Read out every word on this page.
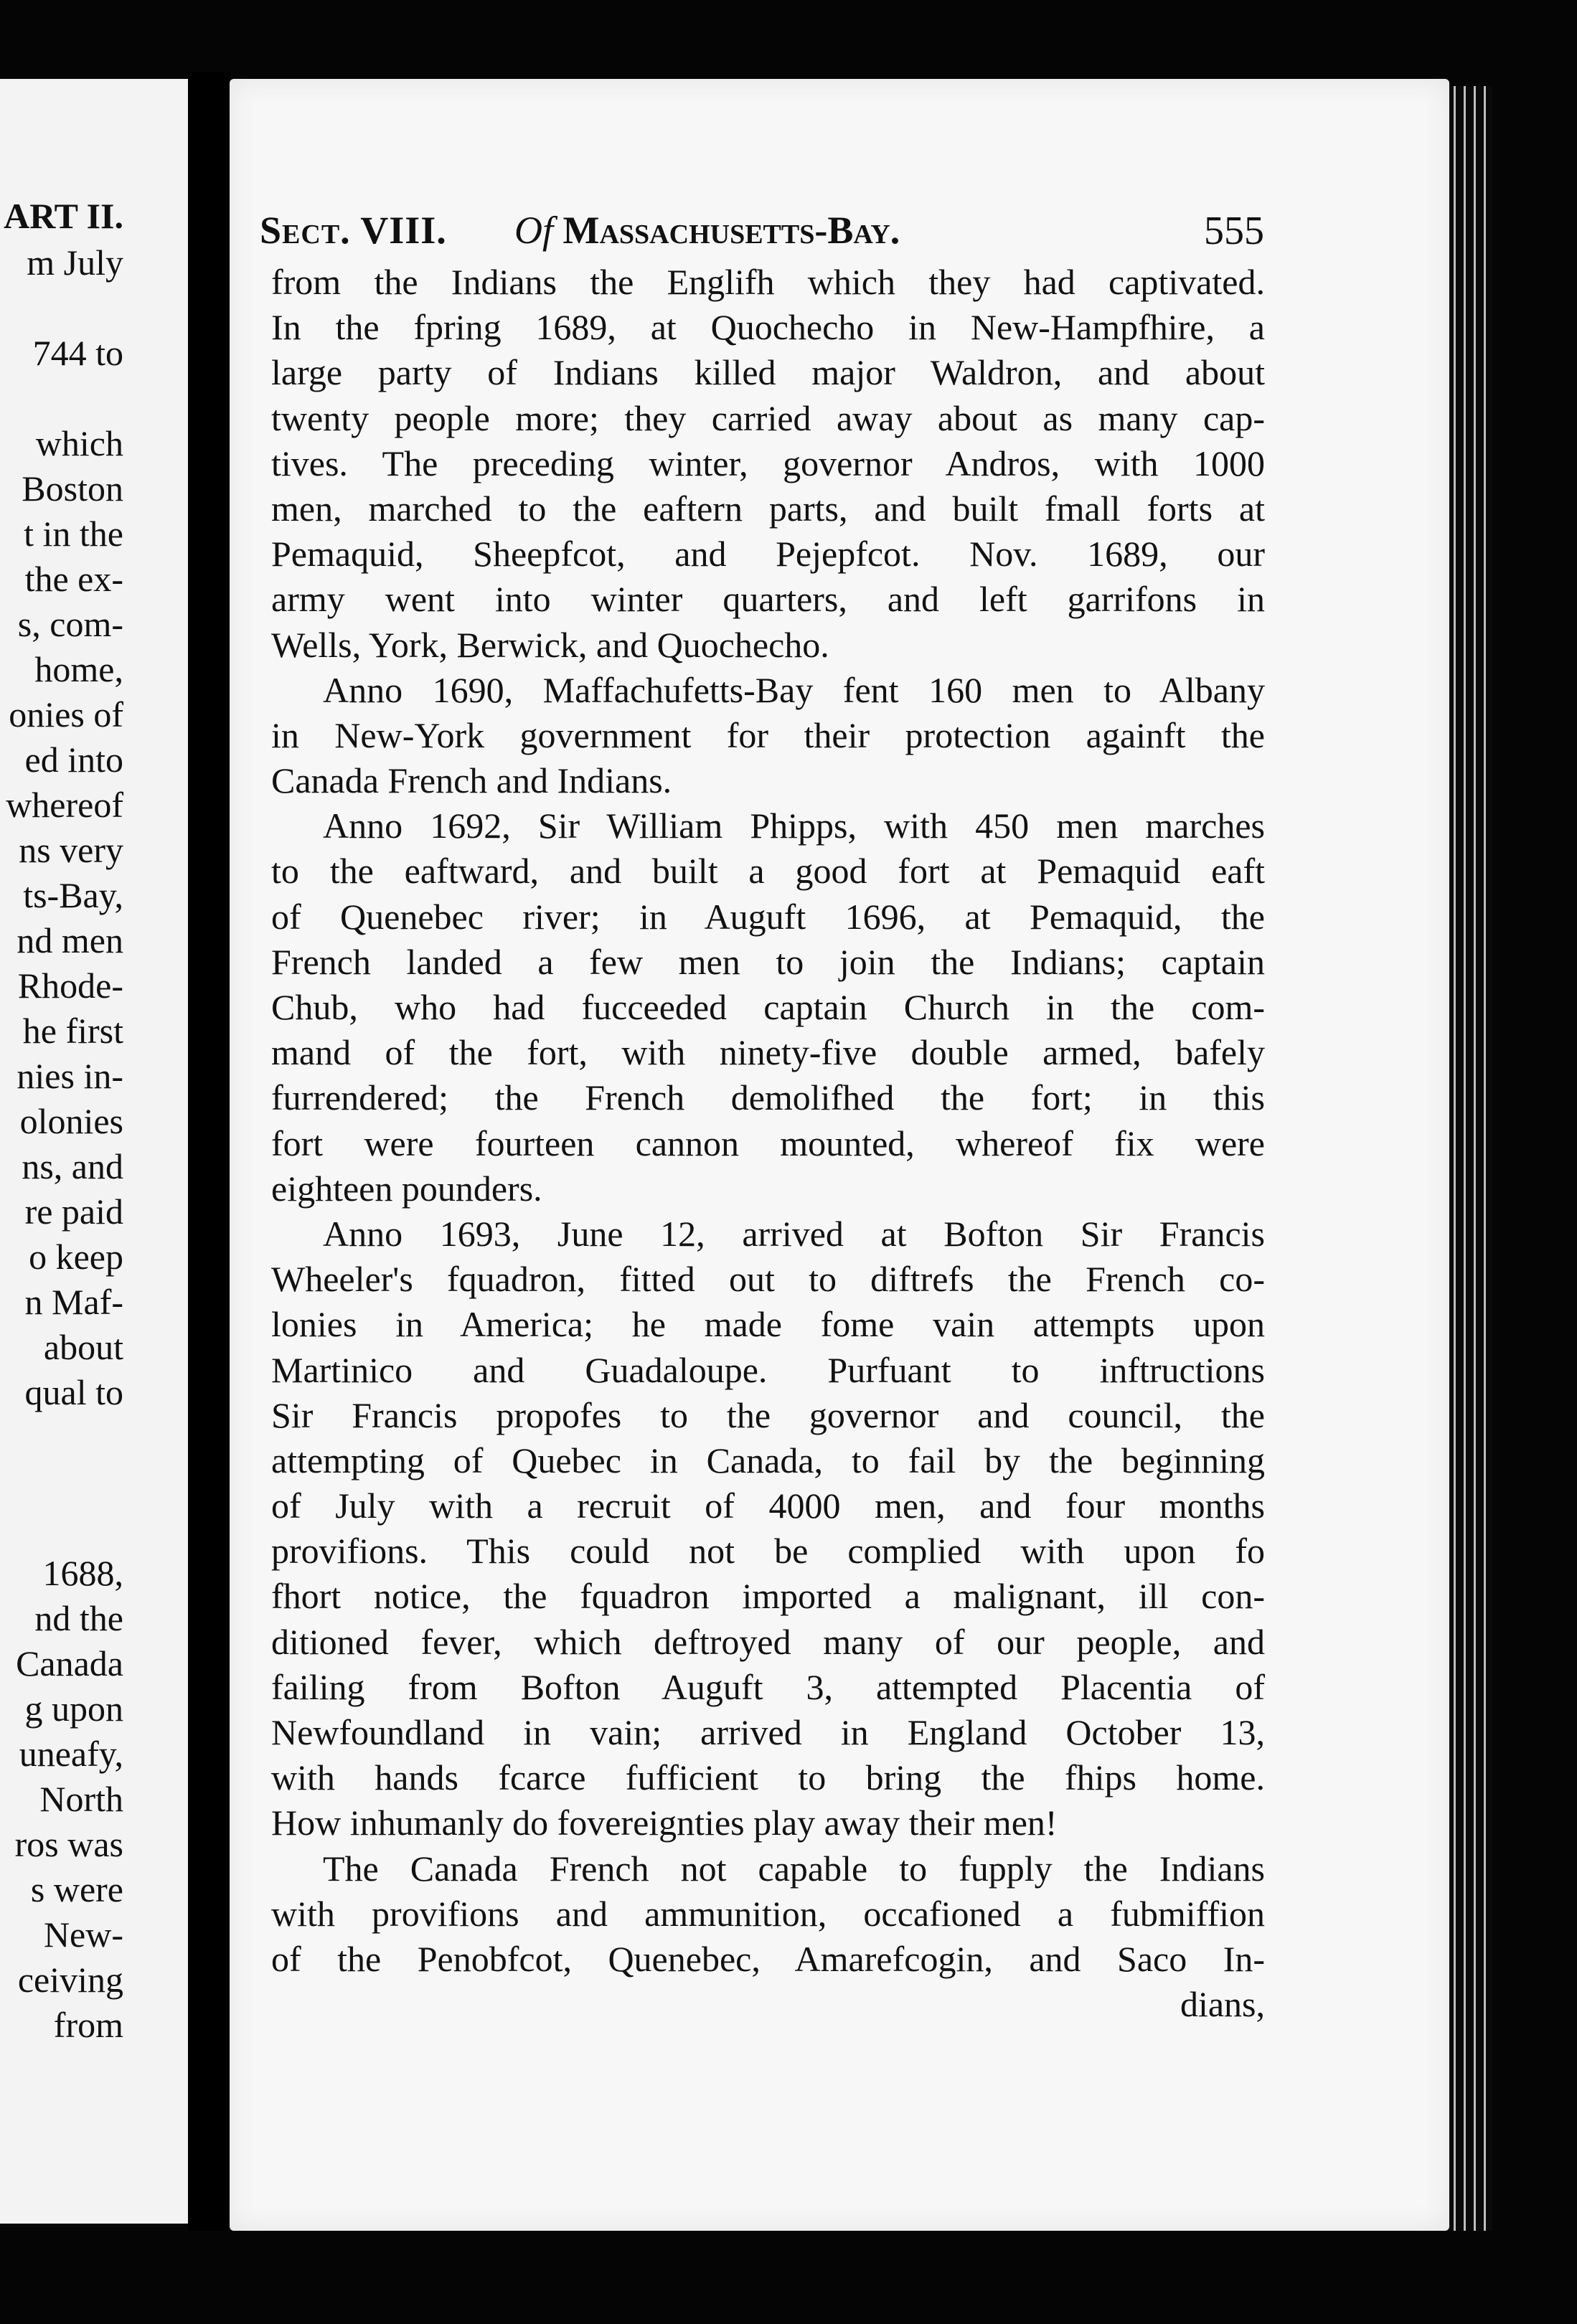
ART II.
m July
744 to
which
Boston
t in the
the ex-
s, com-
home,
onies of
ed into
whereof
ns very
ts-Bay,
nd men
Rhode-
he first
nies in-
olonies
ns, and
re paid
o keep
n Maf-
about
qual to
1688,
nd the
Canada
g upon
uneafy,
North
ros was
s were
New-
ceiving
from
Sect. VIII. Of Massachusetts-Bay.	555
from the Indians the Englifh which they had captivated.
In the fpring 1689, at Quochecho in New-Hampfhire, a
large party of Indians killed major Waldron, and about
twenty people more; they carried away about as many cap-
tives. The preceding winter, governor Andros, with 1000
men, marched to the eaftern parts, and built fmall forts at
Pemaquid, Sheepfcot, and Pejepfcot. Nov. 1689, our
army went into winter quarters, and left garrifons in
Wells, York, Berwick, and Quochecho.
Anno 1690, Maffachufetts-Bay fent 160 men to Albany
in New-York government for their protection againft the
Canada French and Indians.
Anno 1692, Sir William Phipps, with 450 men marches
to the eaftward, and built a good fort at Pemaquid eaft
of Quenebec river; in Auguft 1696, at Pemaquid, the
French landed a few men to join the Indians; captain
Chub, who had fucceeded captain Church in the com-
mand of the fort, with ninety-five double armed, bafely
furrendered; the French demolifhed the fort; in this
fort were fourteen cannon mounted, whereof fix were
eighteen pounders.
Anno 1693, June 12, arrived at Bofton Sir Francis
Wheeler's fquadron, fitted out to diftrefs the French co-
lonies in America; he made fome vain attempts upon
Martinico and Guadaloupe. Purfuant to inftructions
Sir Francis propofes to the governor and council, the
attempting of Quebec in Canada, to fail by the beginning
of July with a recruit of 4000 men, and four months
provifions. This could not be complied with upon fo
fhort notice, the fquadron imported a malignant, ill con-
ditioned fever, which deftroyed many of our people, and
failing from Bofton Auguft 3, attempted Placentia of
Newfoundland in vain; arrived in England October 13,
with hands fcarce fufficient to bring the fhips home.
How inhumanly do fovereignties play away their men!
The Canada French not capable to fupply the Indians
with provifions and ammunition, occafioned a fubmiffion
of the Penobfcot, Quenebec, Amarefcogin, and Saco In-
dians,
